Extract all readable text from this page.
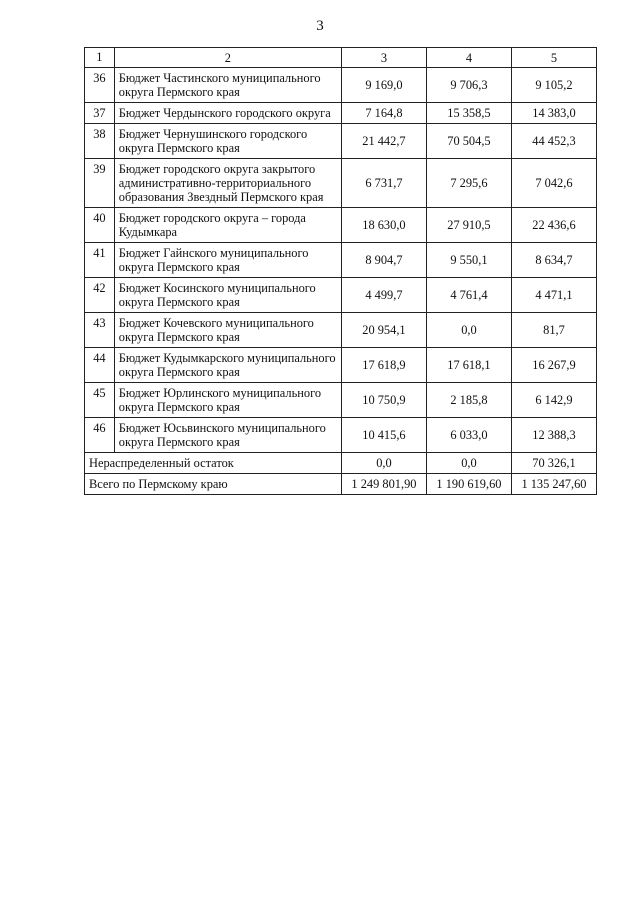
3
1	2	3	4	5
36	Бюджет Частинского муниципального округа Пермского края	9 169,0	9 706,3	9 105,2
37	Бюджет Чердынского городского округа	7 164,8	15 358,5	14 383,0
38	Бюджет Чернушинского городского округа Пермского края	21 442,7	70 504,5	44 452,3
39	Бюджет городского округа закрытого административно-территориального образования Звездный Пермского края	6 731,7	7 295,6	7 042,6
40	Бюджет городского округа – города Кудымкара	18 630,0	27 910,5	22 436,6
41	Бюджет Гайнского муниципального округа Пермского края	8 904,7	9 550,1	8 634,7
42	Бюджет Косинского муниципального округа Пермского края	4 499,7	4 761,4	4 471,1
43	Бюджет Кочевского муниципального округа Пермского края	20 954,1	0,0	81,7
44	Бюджет Кудымкарского муниципального округа Пермского края	17 618,9	17 618,1	16 267,9
45	Бюджет Юрлинского муниципального округа Пермского края	10 750,9	2 185,8	6 142,9
46	Бюджет Юсьвинского муниципального округа Пермского края	10 415,6	6 033,0	12 388,3
Нераспределенный остаток		0,0	0,0	70 326,1
Всего по Пермскому краю		1 249 801,90	1 190 619,60	1 135 247,60
